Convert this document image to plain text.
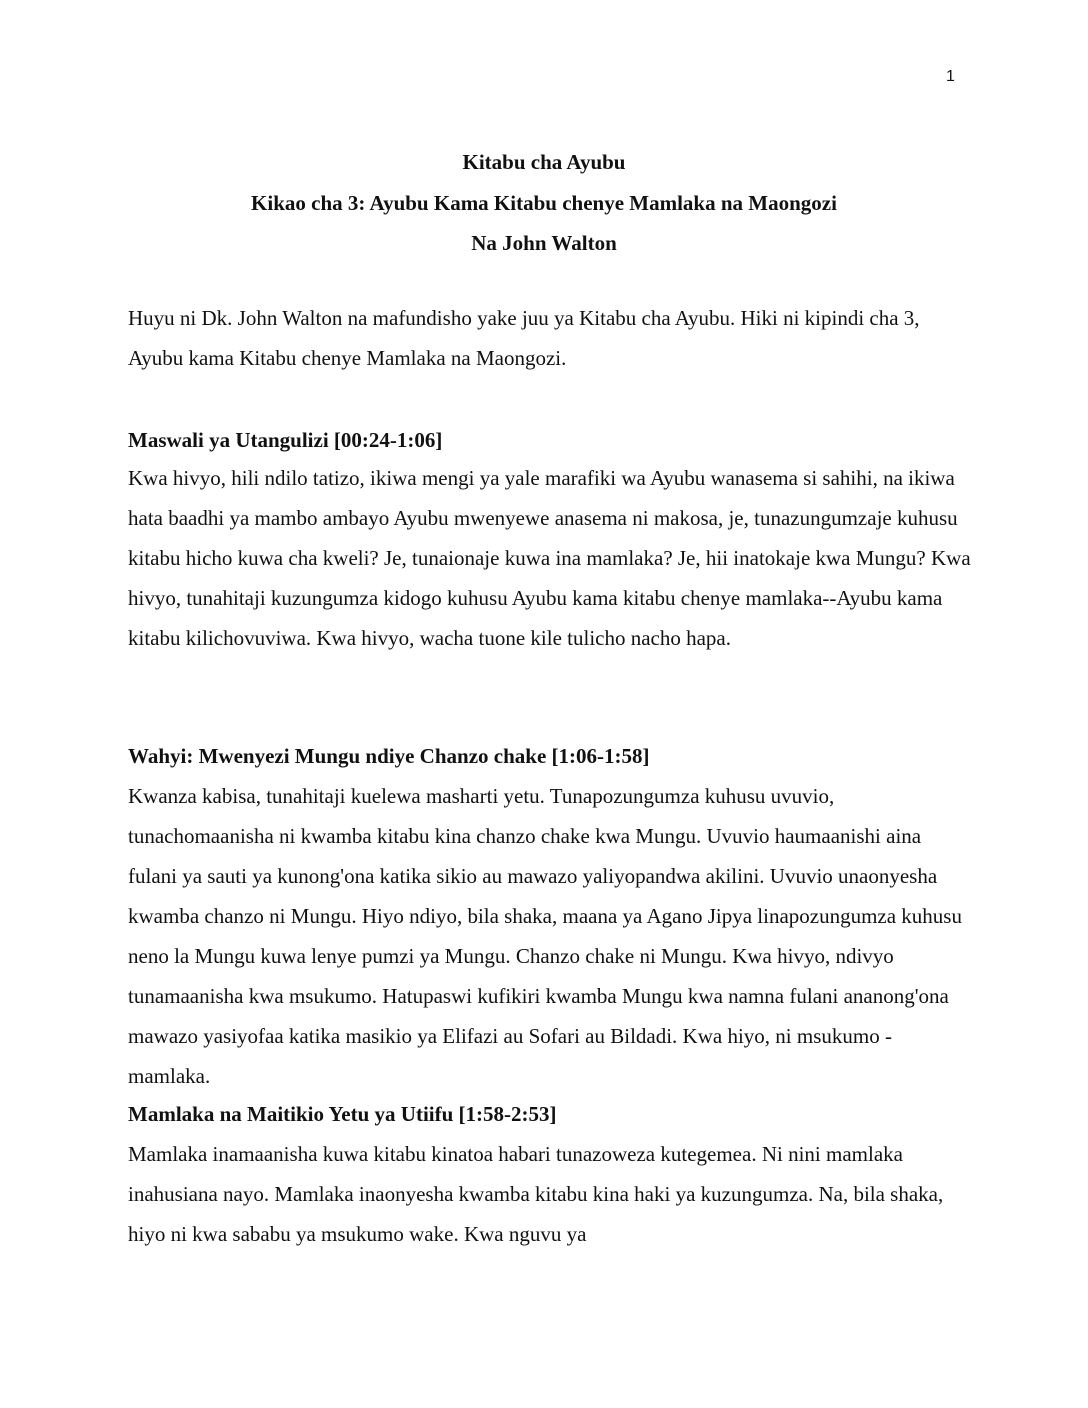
1
Kitabu cha Ayubu
Kikao cha 3: Ayubu Kama Kitabu chenye Mamlaka na Maongozi
Na John Walton

Huyu ni Dk. John Walton na mafundisho yake juu ya Kitabu cha Ayubu. Hiki ni kipindi cha 3, Ayubu kama Kitabu chenye Mamlaka na Maongozi.

Maswali ya Utangulizi [00:24-1:06]

Kwa hivyo, hili ndilo tatizo, ikiwa mengi ya yale marafiki wa Ayubu wanasema si sahihi, na ikiwa hata baadhi ya mambo ambayo Ayubu mwenyewe anasema ni makosa, je, tunazungumzaje kuhusu kitabu hicho kuwa cha kweli? Je, tunaionaje kuwa ina mamlaka? Je, hii inatokaje kwa Mungu? Kwa hivyo, tunahitaji kuzungumza kidogo kuhusu Ayubu kama kitabu chenye mamlaka--Ayubu kama kitabu kilichovuviwa. Kwa hivyo, wacha tuone kile tulicho nacho hapa.

Wahyi: Mwenyezi Mungu ndiye Chanzo chake [1:06-1:58]

Kwanza kabisa, tunahitaji kuelewa masharti yetu. Tunapozungumza kuhusu uvuvio, tunachomaanisha ni kwamba kitabu kina chanzo chake kwa Mungu. Uvuvio haumaanishi aina fulani ya sauti ya kunong'ona katika sikio au mawazo yaliyopandwa akilini. Uvuvio unaonyesha kwamba chanzo ni Mungu. Hiyo ndiyo, bila shaka, maana ya Agano Jipya linapozungumza kuhusu neno la Mungu kuwa lenye pumzi ya Mungu. Chanzo chake ni Mungu. Kwa hivyo, ndivyo tunamaanisha kwa msukumo. Hatupaswi kufikiri kwamba Mungu kwa namna fulani ananong'ona mawazo yasiyofaa katika masikio ya Elifazi au Sofari au Bildadi. Kwa hiyo, ni msukumo - mamlaka.

Mamlaka na Maitikio Yetu ya Utiifu [1:58-2:53]

Mamlaka inamaanisha kuwa kitabu kinatoa habari tunazoweza kutegemea. Ni nini mamlaka inahusiana nayo. Mamlaka inaonyesha kwamba kitabu kina haki ya kuzungumza. Na, bila shaka, hiyo ni kwa sababu ya msukumo wake. Kwa nguvu ya
